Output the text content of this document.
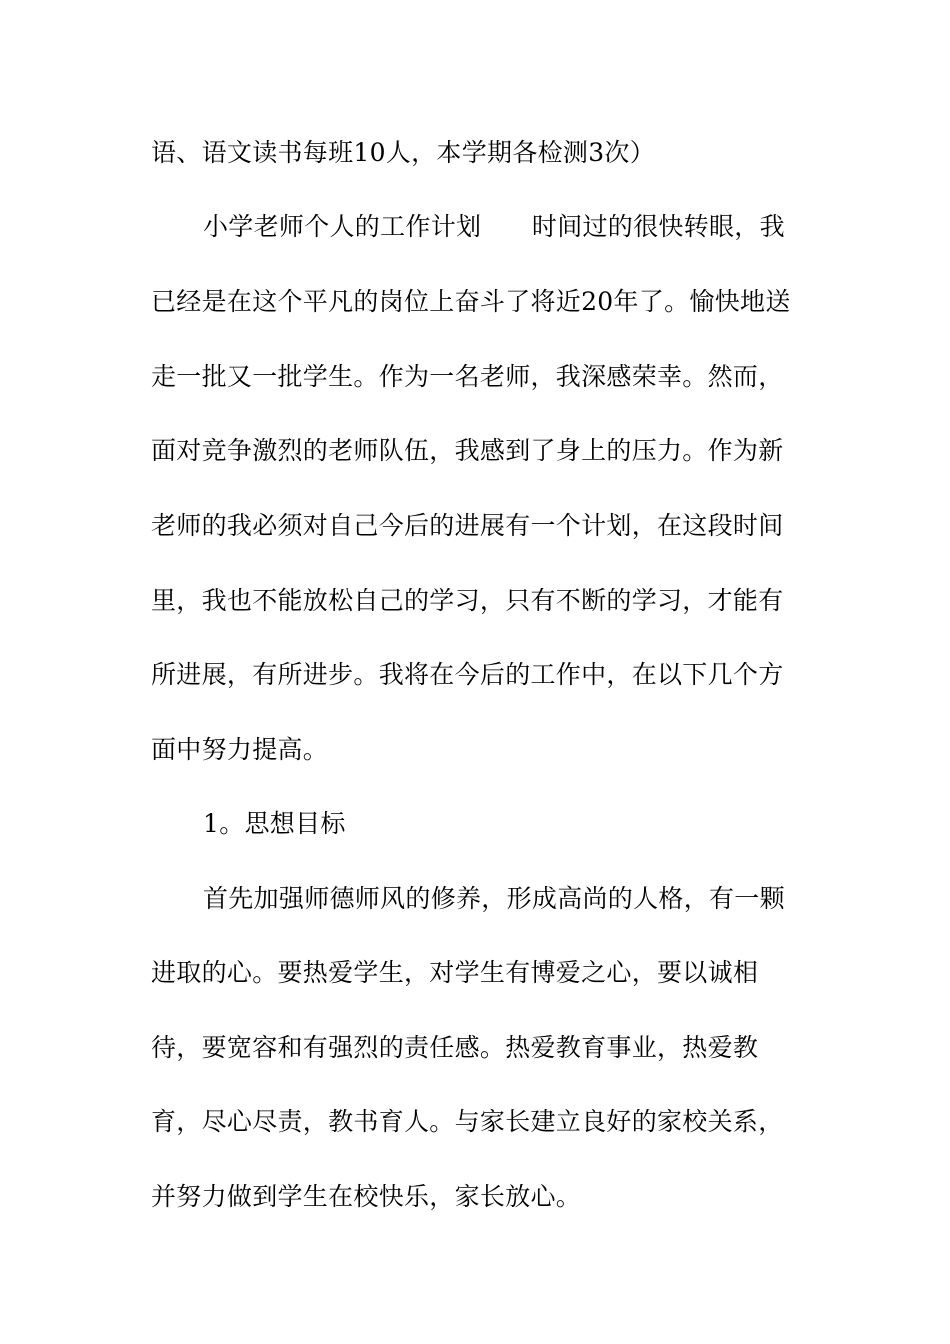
语、语文读书每班10人，本学期各检测3次）
小学老师个人的工作计划　　时间过的很快转眼，我
已经是在这个平凡的岗位上奋斗了将近20年了。愉快地送
走一批又一批学生。作为一名老师，我深感荣幸。然而，
面对竞争激烈的老师队伍，我感到了身上的压力。作为新
老师的我必须对自己今后的进展有一个计划，在这段时间
里，我也不能放松自己的学习，只有不断的学习，才能有
所进展，有所进步。我将在今后的工作中，在以下几个方
面中努力提高。
1。思想目标
首先加强师德师风的修养，形成高尚的人格，有一颗
进取的心。要热爱学生，对学生有博爱之心，要以诚相
待，要宽容和有强烈的责任感。热爱教育事业，热爱教
育，尽心尽责，教书育人。与家长建立良好的家校关系，
并努力做到学生在校快乐，家长放心。
